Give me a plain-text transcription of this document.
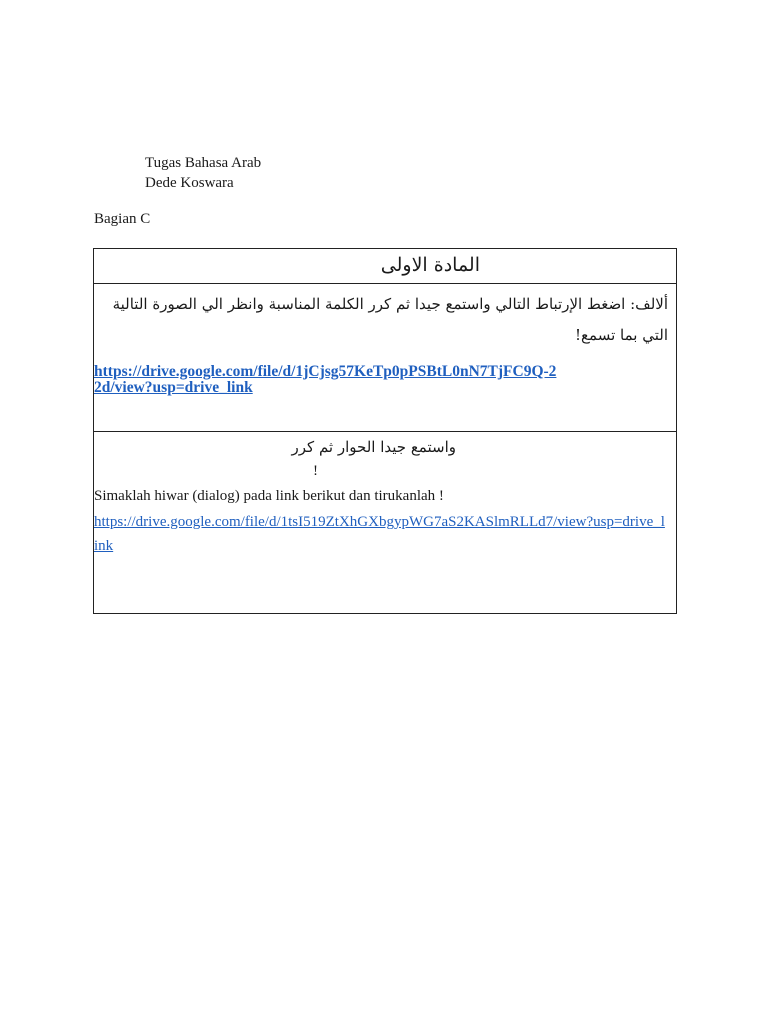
Tugas Bahasa Arab
Dede Koswara
Bagian C
المادة الاولى
ألالف: اضغط الإرتباط التالي واستمع جيدا ثم كرر الكلمة المناسبة وانظر الي الصورة التالية التي بما تسمع!
https://drive.google.com/file/d/1jCjsg57KeTp0pPSBtL0nN7TjFC9Q-22d/view?usp=drive_link
واستمع جيدا الحوار ثم كرر
!
Simaklah hiwar (dialog) pada link berikut dan tirukanlah !
https://drive.google.com/file/d/1tsI519ZtXhGXbgypWG7aS2KASlmRLLd7/view?usp=drive_link
